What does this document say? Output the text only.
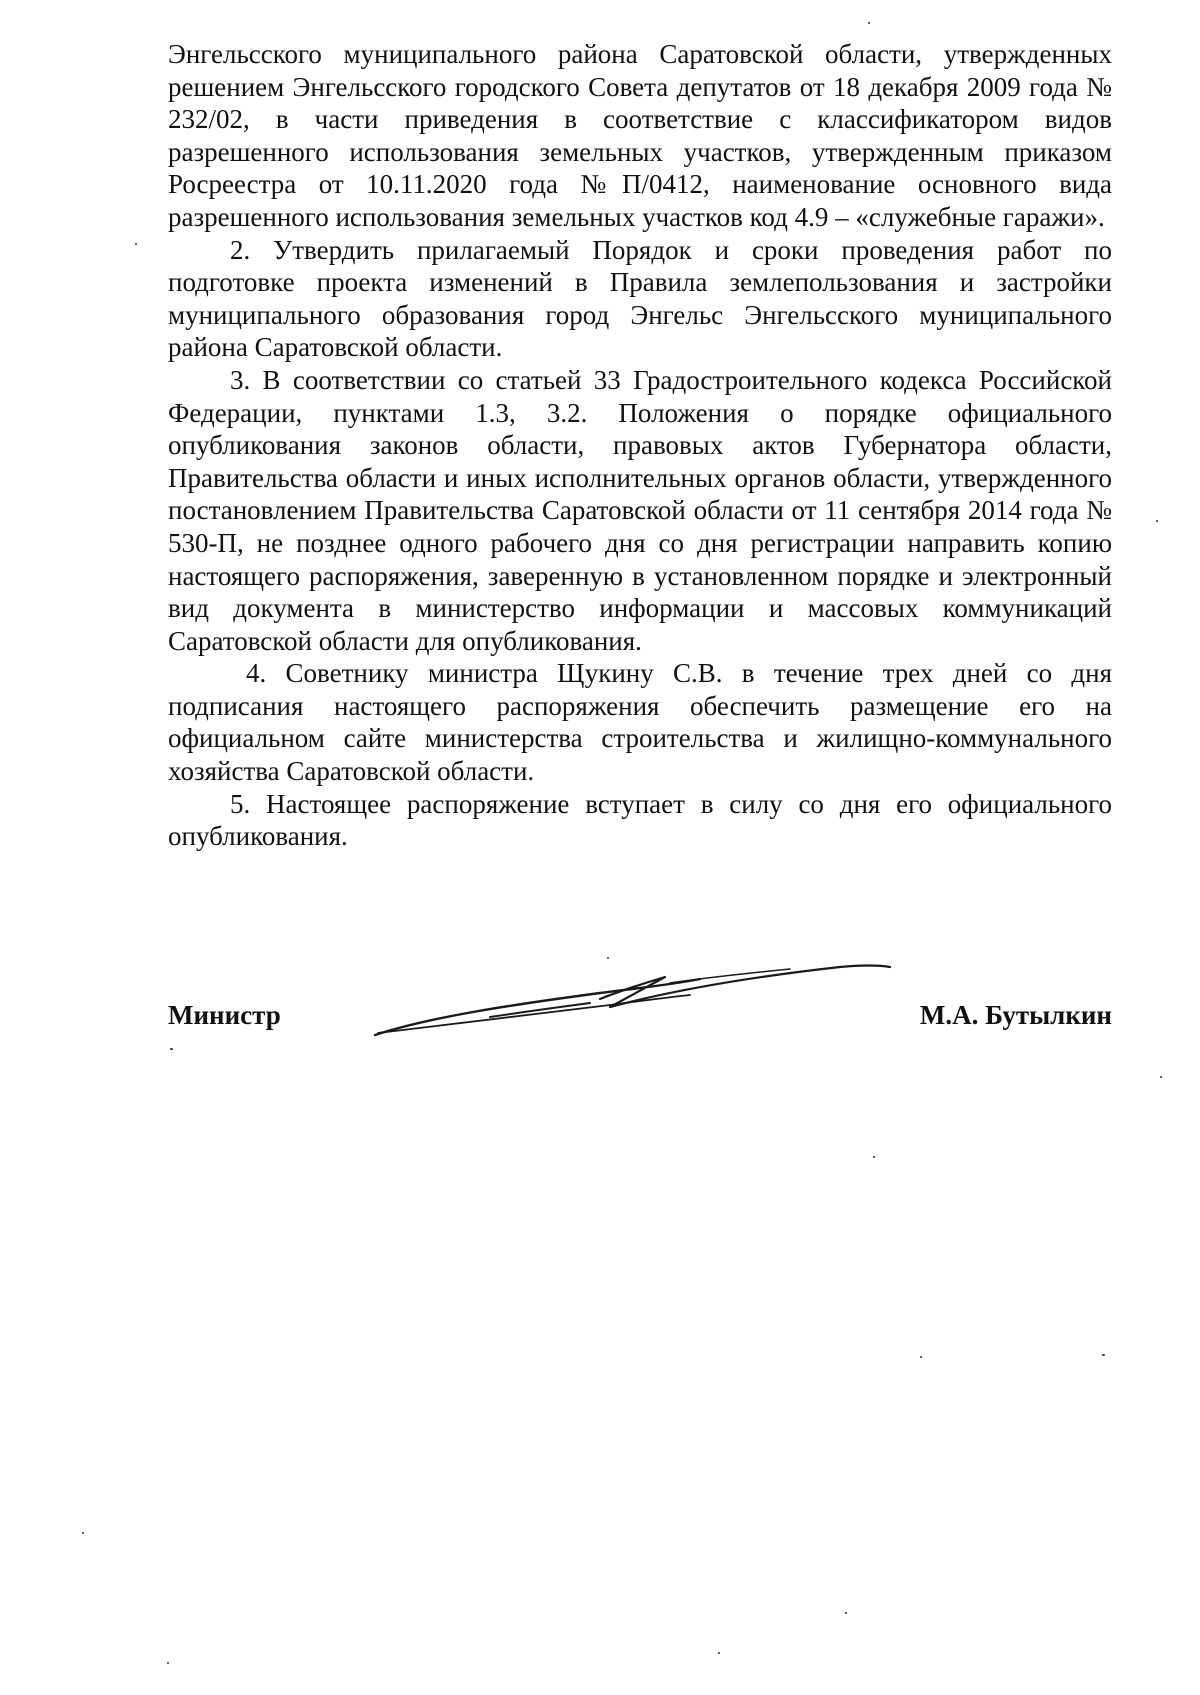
Энгельсского муниципального района Саратовской области, утвержденных решением Энгельсского городского Совета депутатов от 18 декабря 2009 года № 232/02, в части приведения в соответствие с классификатором видов разрешенного использования земельных участков, утвержденным приказом Росреестра от 10.11.2020 года №П/0412, наименование основного вида разрешенного использования земельных участков код 4.9 – «служебные гаражи».

2. Утвердить прилагаемый Порядок и сроки проведения работ по подготовке проекта изменений в Правила землепользования и застройки муниципального образования город Энгельс Энгельсского муниципального района Саратовской области.

3. В соответствии со статьей 33 Градостроительного кодекса Российской Федерации, пунктами 1.3, 3.2. Положения о порядке официального опубликования законов области, правовых актов Губернатора области, Правительства области и иных исполнительных органов области, утвержденного постановлением Правительства Саратовской области от 11 сентября 2014 года № 530-П, не позднее одного рабочего дня со дня регистрации направить копию настоящего распоряжения, заверенную в установленном порядке и электронный вид документа в министерство информации и массовых коммуникаций Саратовской области для опубликования.

4. Советнику министра Щукину С.В. в течение трех дней со дня подписания настоящего распоряжения обеспечить размещение его на официальном сайте министерства строительства и жилищно-коммунального хозяйства Саратовской области.

5. Настоящее распоряжение вступает в силу со дня его официального опубликования.

Министр	М.А. Бутылкин
